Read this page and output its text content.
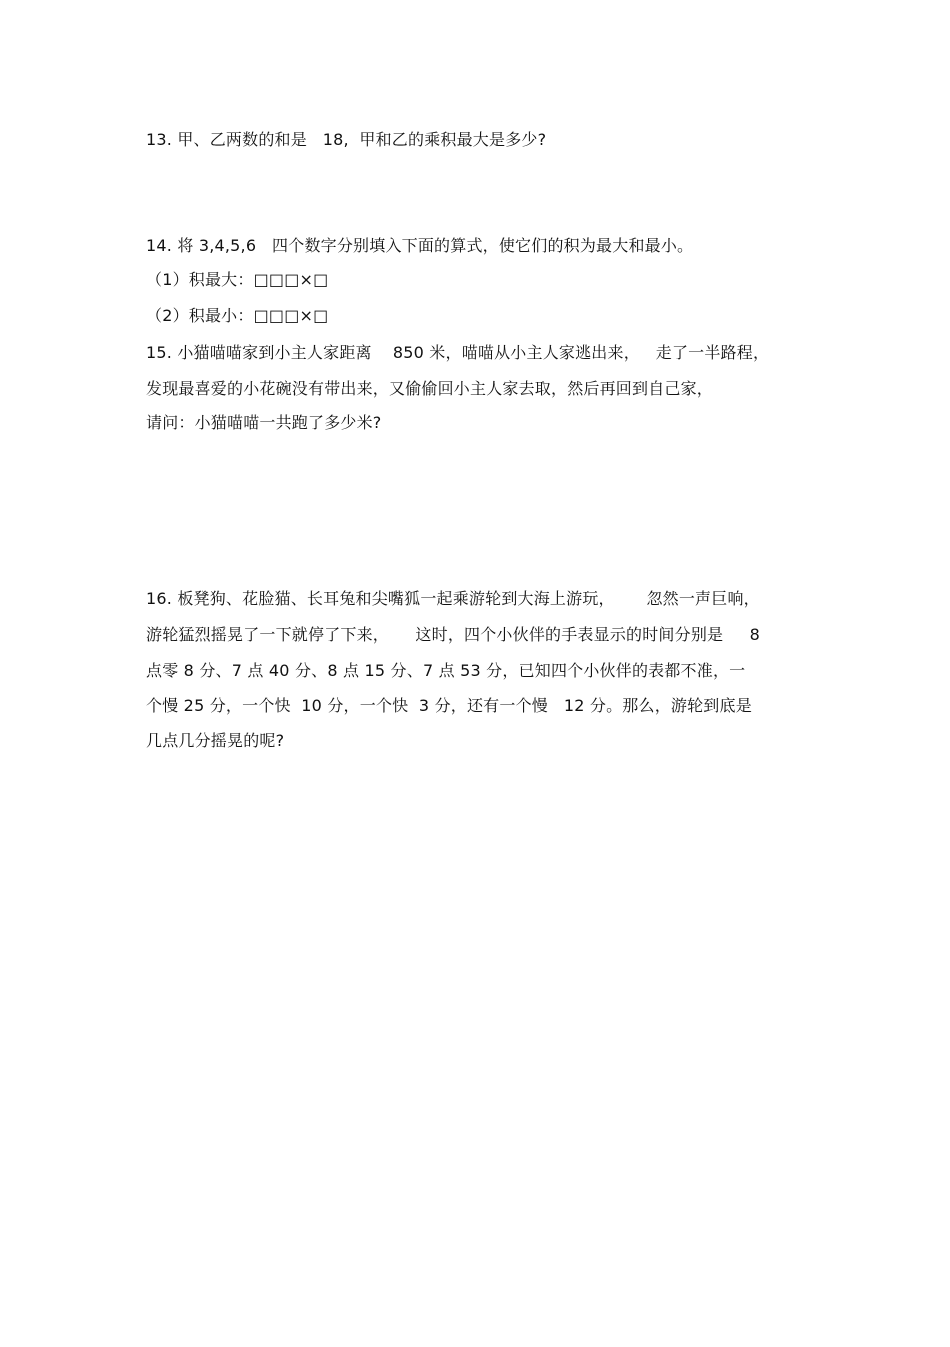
13. 甲、乙两数的和是   18,  甲和乙的乘积最大是多少?
14. 将 3,4,5,6   四个数字分别填入下面的算式，使它们的积为最大和最小。
（1）积最大：□□□×□
（2）积最小：□□□×□
15. 小猫喵喵家到小主人家距离    850 米，喵喵从小主人家逃出来，   走了一半路程，
发现最喜爱的小花碗没有带出来，又偷偷回小主人家去取，然后再回到自己家，
请问：小猫喵喵一共跑了多少米?
16. 板凳狗、花脸猫、长耳兔和尖嘴狐一起乘游轮到大海上游玩，      忽然一声巨响，
游轮猛烈摇晃了一下就停了下来，     这时，四个小伙伴的手表显示的时间分别是     8
点零 8 分、7 点 40 分、8 点 15 分、7 点 53 分，已知四个小伙伴的表都不准，一
个慢 25 分，一个快  10 分，一个快  3 分，还有一个慢   12 分。那么，游轮到底是
几点几分摇晃的呢?
